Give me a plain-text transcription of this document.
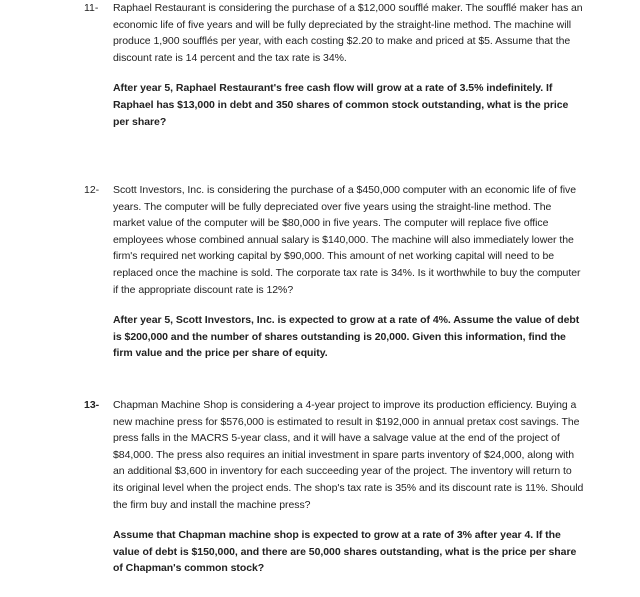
11- Raphael Restaurant is considering the purchase of a $12,000 soufflé maker. The soufflé maker has an economic life of five years and will be fully depreciated by the straight-line method. The machine will produce 1,900 soufflés per year, with each costing $2.20 to make and priced at $5. Assume that the discount rate is 14 percent and the tax rate is 34%.
After year 5, Raphael Restaurant's free cash flow will grow at a rate of 3.5% indefinitely. If Raphael has $13,000 in debt and 350 shares of common stock outstanding, what is the price per share?
12- Scott Investors, Inc. is considering the purchase of a $450,000 computer with an economic life of five years. The computer will be fully depreciated over five years using the straight-line method. The market value of the computer will be $80,000 in five years. The computer will replace five office employees whose combined annual salary is $140,000. The machine will also immediately lower the firm's required net working capital by $90,000. This amount of net working capital will need to be replaced once the machine is sold. The corporate tax rate is 34%. Is it worthwhile to buy the computer if the appropriate discount rate is 12%?
After year 5, Scott Investors, Inc. is expected to grow at a rate of 4%. Assume the value of debt is $200,000 and the number of shares outstanding is 20,000. Given this information, find the firm value and the price per share of equity.
13- Chapman Machine Shop is considering a 4-year project to improve its production efficiency. Buying a new machine press for $576,000 is estimated to result in $192,000 in annual pretax cost savings. The press falls in the MACRS 5-year class, and it will have a salvage value at the end of the project of $84,000. The press also requires an initial investment in spare parts inventory of $24,000, along with an additional $3,600 in inventory for each succeeding year of the project. The inventory will return to its original level when the project ends. The shop's tax rate is 35% and its discount rate is 11%. Should the firm buy and install the machine press?
Assume that Chapman machine shop is expected to grow at a rate of 3% after year 4. If the value of debt is $150,000, and there are 50,000 shares outstanding, what is the price per share of Chapman's common stock?
